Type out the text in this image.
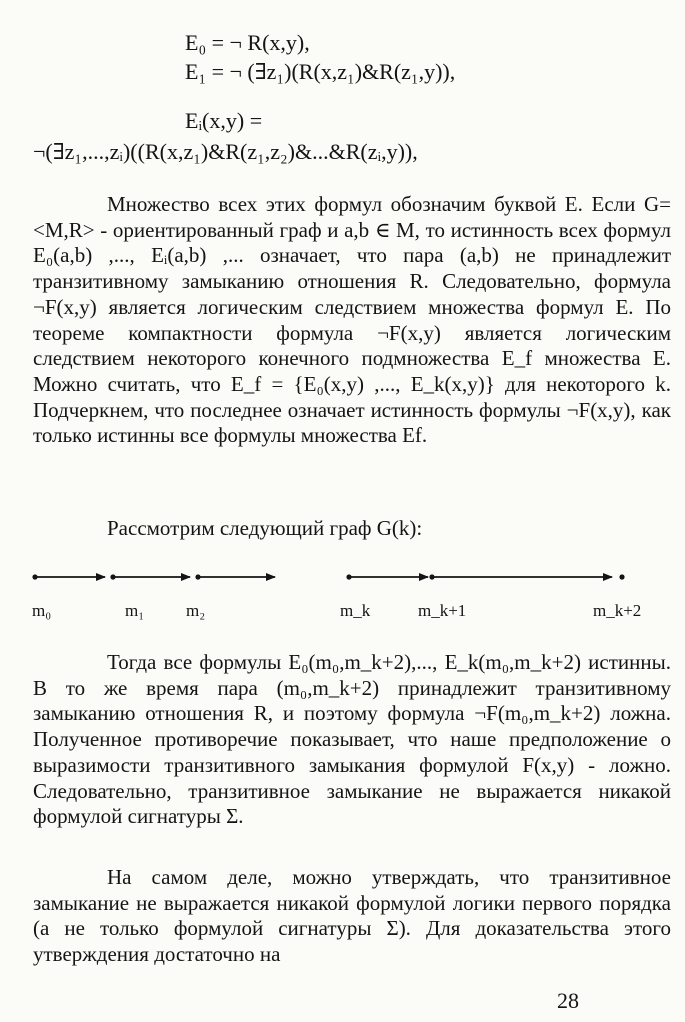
E₀ = ¬ R(x,y),
E₁ = ¬ (∃z₁)(R(x,z₁)&R(z₁,y)),
Eᵢ(x,y) =
¬(∃z₁,...,zᵢ)((R(x,z₁)&R(z₁,z₂)&...&R(zᵢ,y)),
Множество всех этих формул обозначим буквой E. Если G=<M,R> - ориентированный граф и a,b ∈ M, то истинность всех формул E₀(a,b) ,..., Eᵢ(a,b) ,... означает, что пара (a,b) не принадлежит транзитивному замыканию отношения R. Следовательно, формула ¬F(x,y) является логическим следствием множества формул E. По теореме компактности формула ¬F(x,y) является логическим следствием некоторого конечного подмножества E_f множества E. Можно считать, что E_f = {E₀(x,y) ,..., E_k(x,y)} для некоторого k. Подчеркнем, что последнее означает истинность формулы ¬F(x,y), как только истинны все формулы множества Ef.
Рассмотрим следующий граф G(k):
m₀	m₁ m₂	m_k	m_k+1	m_k+2
Тогда все формулы E₀(m₀,m_k+2),..., E_k(m₀,m_k+2) истинны. В то же время пара (m₀,m_k+2) принадлежит транзитивному замыканию отношения R, и поэтому формула ¬F(m₀,m_k+2) ложна. Полученное противоречие показывает, что наше предположение о выразимости транзитивного замыкания формулой F(x,y) - ложно. Следовательно, транзитивное замыкание не выражается никакой формулой сигнатуры Σ.
На самом деле, можно утверждать, что транзитивное замыкание не выражается никакой формулой логики первого порядка (а не только формулой сигнатуры Σ). Для доказательства этого утверждения достаточно на
28
